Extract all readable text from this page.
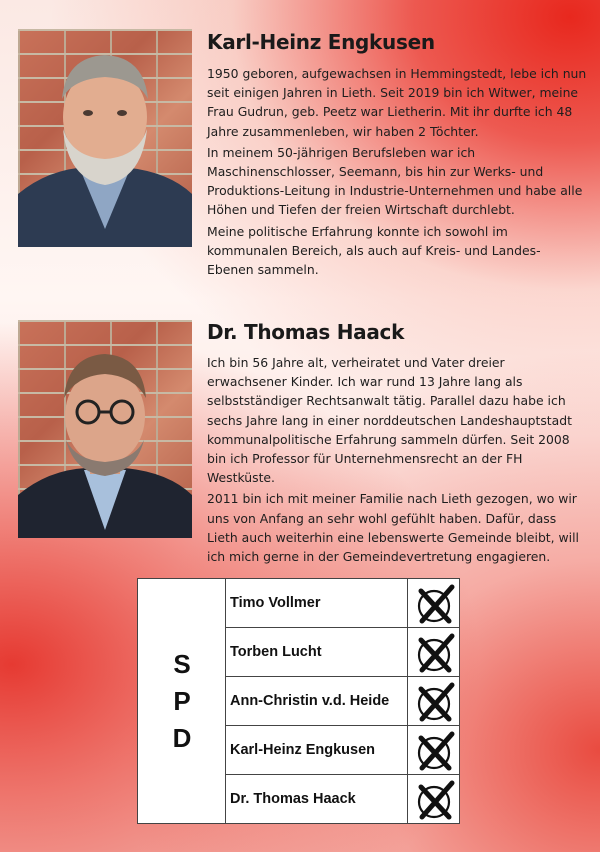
Karl-Heinz Engkusen

1950 geboren, aufgewachsen in Hemmingstedt, lebe ich nun seit einigen Jahren in Lieth. Seit 2019 bin ich Witwer, meine Frau Gudrun, geb. Peetz war Lietherin. Mit ihr durfte ich 48 Jahre zusammenleben, wir haben 2 Töchter.

In meinem 50-jährigen Berufsleben war ich Maschinenschlosser, Seemann, bis hin zur Werks- und Produktions-Leitung in Industrie-Unternehmen und habe alle Höhen und Tiefen der freien Wirtschaft durchlebt.

Meine politische Erfahrung konnte ich sowohl im kommunalen Bereich, als auch auf Kreis- und Landes-Ebenen sammeln.

Dr. Thomas Haack

Ich bin 56 Jahre alt, verheiratet und Vater dreier erwachsener Kinder. Ich war rund 13 Jahre lang als selbstständiger Rechtsanwalt tätig. Parallel dazu habe ich sechs Jahre lang in einer norddeutschen Landeshauptstadt kommunalpolitische Erfahrung sammeln dürfen. Seit 2008 bin ich Professor für Unternehmensrecht an der FH Westküste.

2011 bin ich mit meiner Familie nach Lieth gezogen, wo wir uns von Anfang an sehr wohl gefühlt haben. Dafür, dass Lieth auch weiterhin eine lebenswerte Gemeinde bleibt, will ich mich gerne in der Gemeindevertretung engagieren.

S
P
D
Timo Vollmer
Torben Lucht
Ann-Christin v.d. Heide
Karl-Heinz Engkusen
Dr. Thomas Haack
